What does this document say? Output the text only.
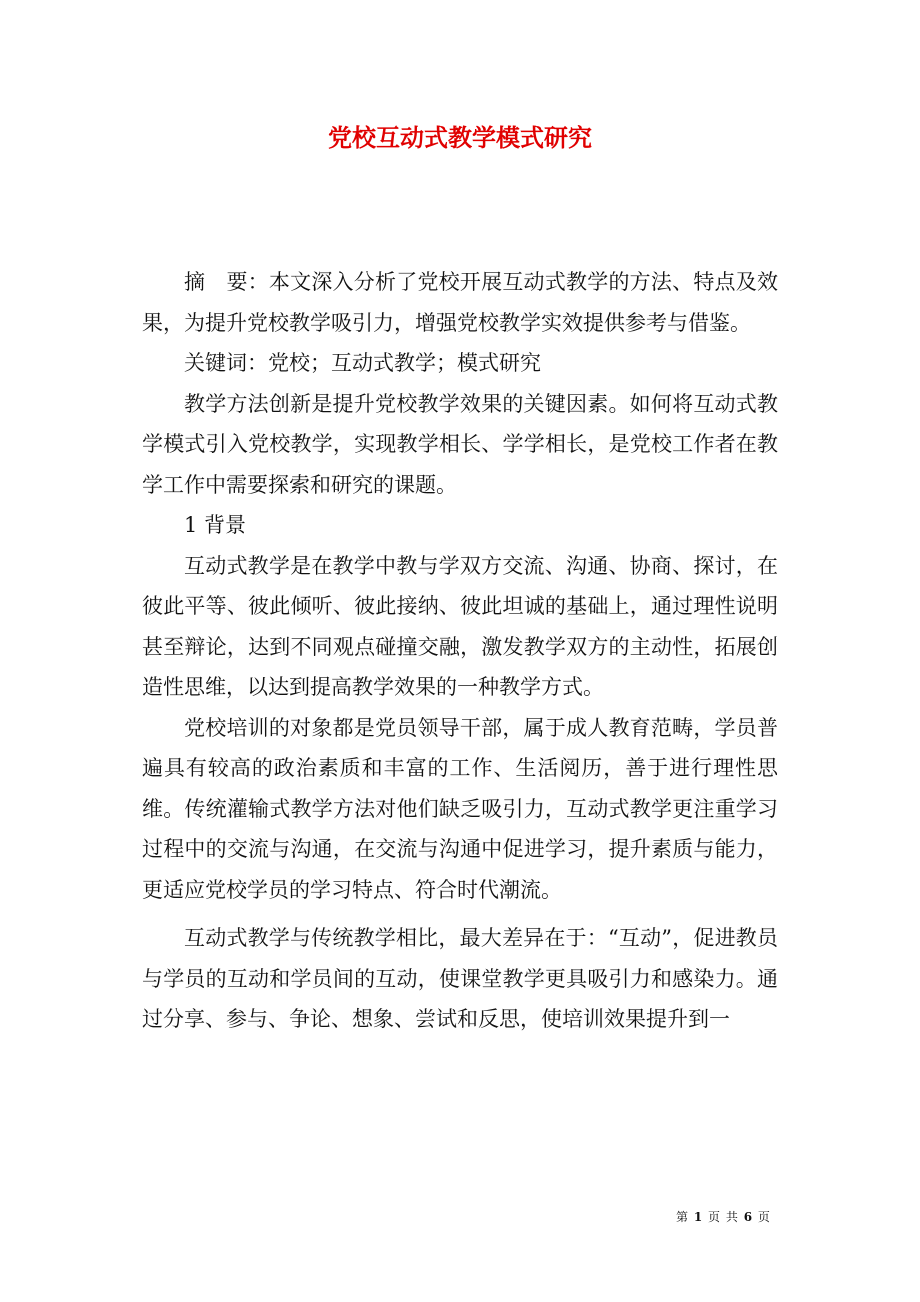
党校互动式教学模式研究

摘　要：本文深入分析了党校开展互动式教学的方法、特点及效果，为提升党校教学吸引力，增强党校教学实效提供参考与借鉴。

关键词：党校；互动式教学；模式研究

教学方法创新是提升党校教学效果的关键因素。如何将互动式教学模式引入党校教学，实现教学相长、学学相长，是党校工作者在教学工作中需要探索和研究的课题。

1 背景

互动式教学是在教学中教与学双方交流、沟通、协商、探讨，在彼此平等、彼此倾听、彼此接纳、彼此坦诚的基础上，通过理性说明甚至辩论，达到不同观点碰撞交融，激发教学双方的主动性，拓展创造性思维，以达到提高教学效果的一种教学方式。

党校培训的对象都是党员领导干部，属于成人教育范畴，学员普遍具有较高的政治素质和丰富的工作、生活阅历，善于进行理性思维。传统灌输式教学方法对他们缺乏吸引力，互动式教学更注重学习过程中的交流与沟通，在交流与沟通中促进学习，提升素质与能力，更适应党校学员的学习特点、符合时代潮流。

互动式教学与传统教学相比，最大差异在于：“互动”，促进教员与学员的互动和学员间的互动，使课堂教学更具吸引力和感染力。通过分享、参与、争论、想象、尝试和反思，使培训效果提升到一

第 1 页 共 6 页
